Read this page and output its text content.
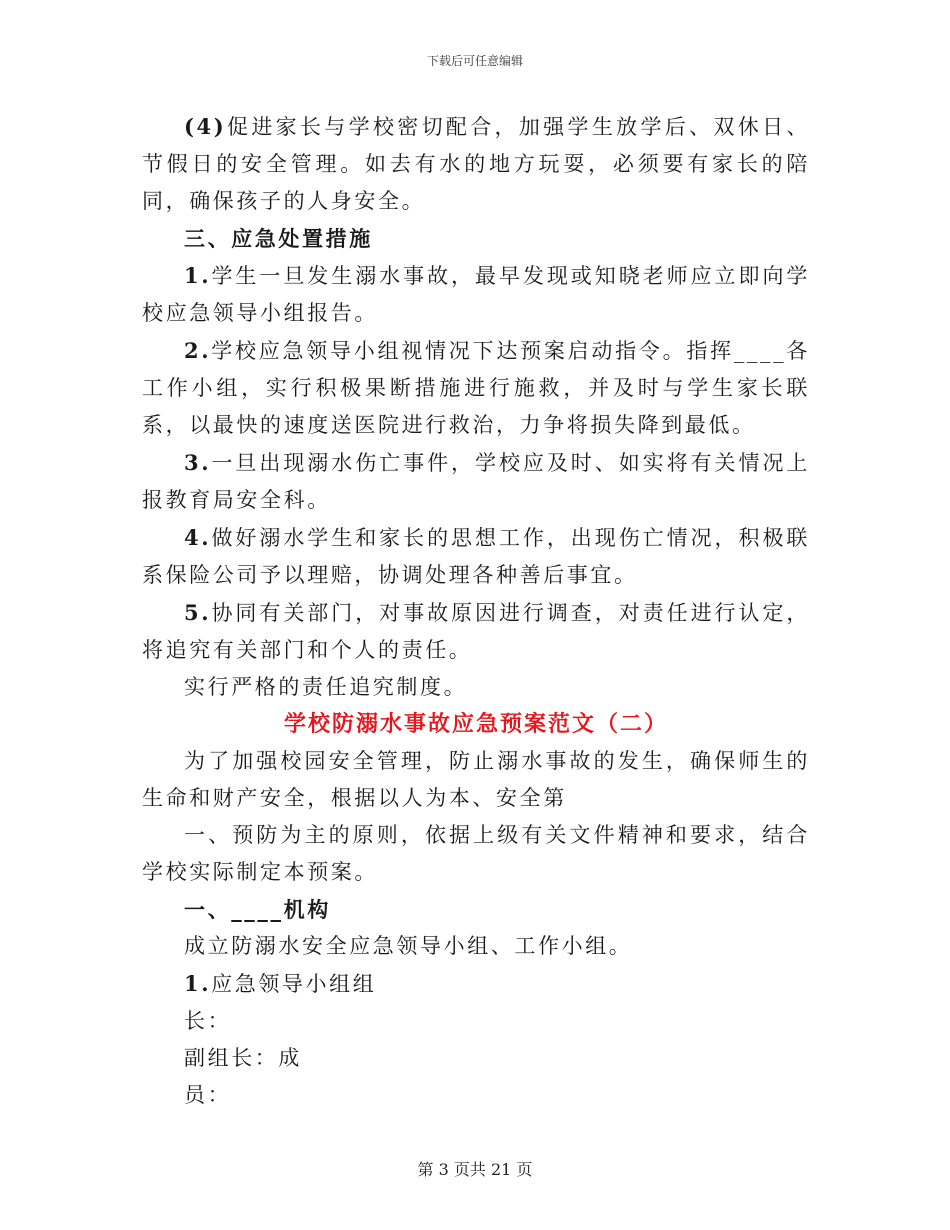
下载后可任意编辑

(4)促进家长与学校密切配合，加强学生放学后、双休日、节假日的安全管理。如去有水的地方玩耍，必须要有家长的陪同，确保孩子的人身安全。

三、应急处置措施

1.学生一旦发生溺水事故，最早发现或知晓老师应立即向学校应急领导小组报告。

2.学校应急领导小组视情况下达预案启动指令。指挥____各工作小组，实行积极果断措施进行施救，并及时与学生家长联系，以最快的速度送医院进行救治，力争将损失降到最低。

3.一旦出现溺水伤亡事件，学校应及时、如实将有关情况上报教育局安全科。

4.做好溺水学生和家长的思想工作，出现伤亡情况，积极联系保险公司予以理赔，协调处理各种善后事宜。

5.协同有关部门，对事故原因进行调查，对责任进行认定，将追究有关部门和个人的责任。

实行严格的责任追究制度。

学校防溺水事故应急预案范文（二）

为了加强校园安全管理，防止溺水事故的发生，确保师生的生命和财产安全，根据以人为本、安全第

一、预防为主的原则，依据上级有关文件精神和要求，结合学校实际制定本预案。

一、____机构

成立防溺水安全应急领导小组、工作小组。

1.应急领导小组组

长：

副组长：成

员：

第 3 页共 21 页
